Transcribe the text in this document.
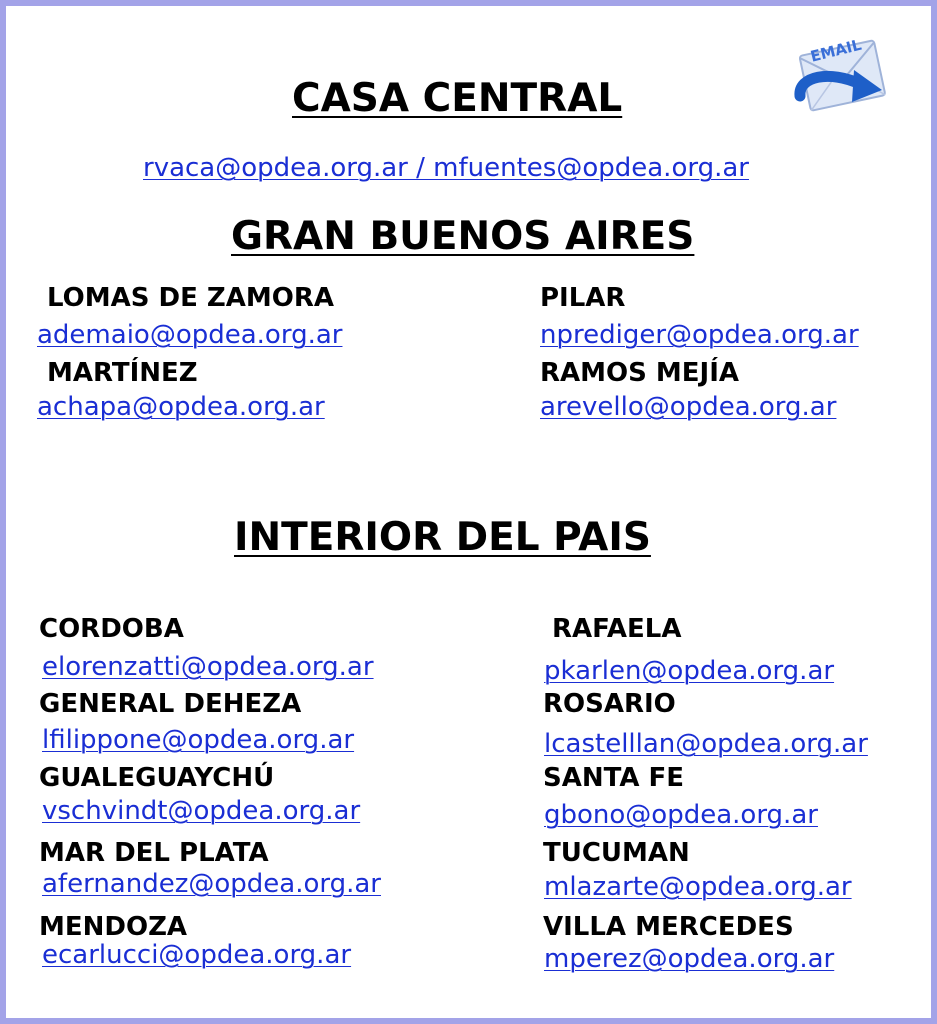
EMAIL
CASA CENTRAL
rvaca@opdea.org.ar / mfuentes@opdea.org.ar
GRAN BUENOS AIRES
LOMAS DE ZAMORA
ademaio@opdea.org.ar
PILAR
nprediger@opdea.org.ar
MARTÍNEZ
achapa@opdea.org.ar
RAMOS MEJÍA
arevello@opdea.org.ar
INTERIOR DEL PAIS
CORDOBA
elorenzatti@opdea.org.ar
RAFAELA
pkarlen@opdea.org.ar
GENERAL DEHEZA
lfilippone@opdea.org.ar
ROSARIO
lcastelllan@opdea.org.ar
GUALEGUAYCHÚ
vschvindt@opdea.org.ar
SANTA FE
gbono@opdea.org.ar
MAR DEL PLATA
afernandez@opdea.org.ar
TUCUMAN
mlazarte@opdea.org.ar
MENDOZA
ecarlucci@opdea.org.ar
VILLA MERCEDES
mperez@opdea.org.ar
